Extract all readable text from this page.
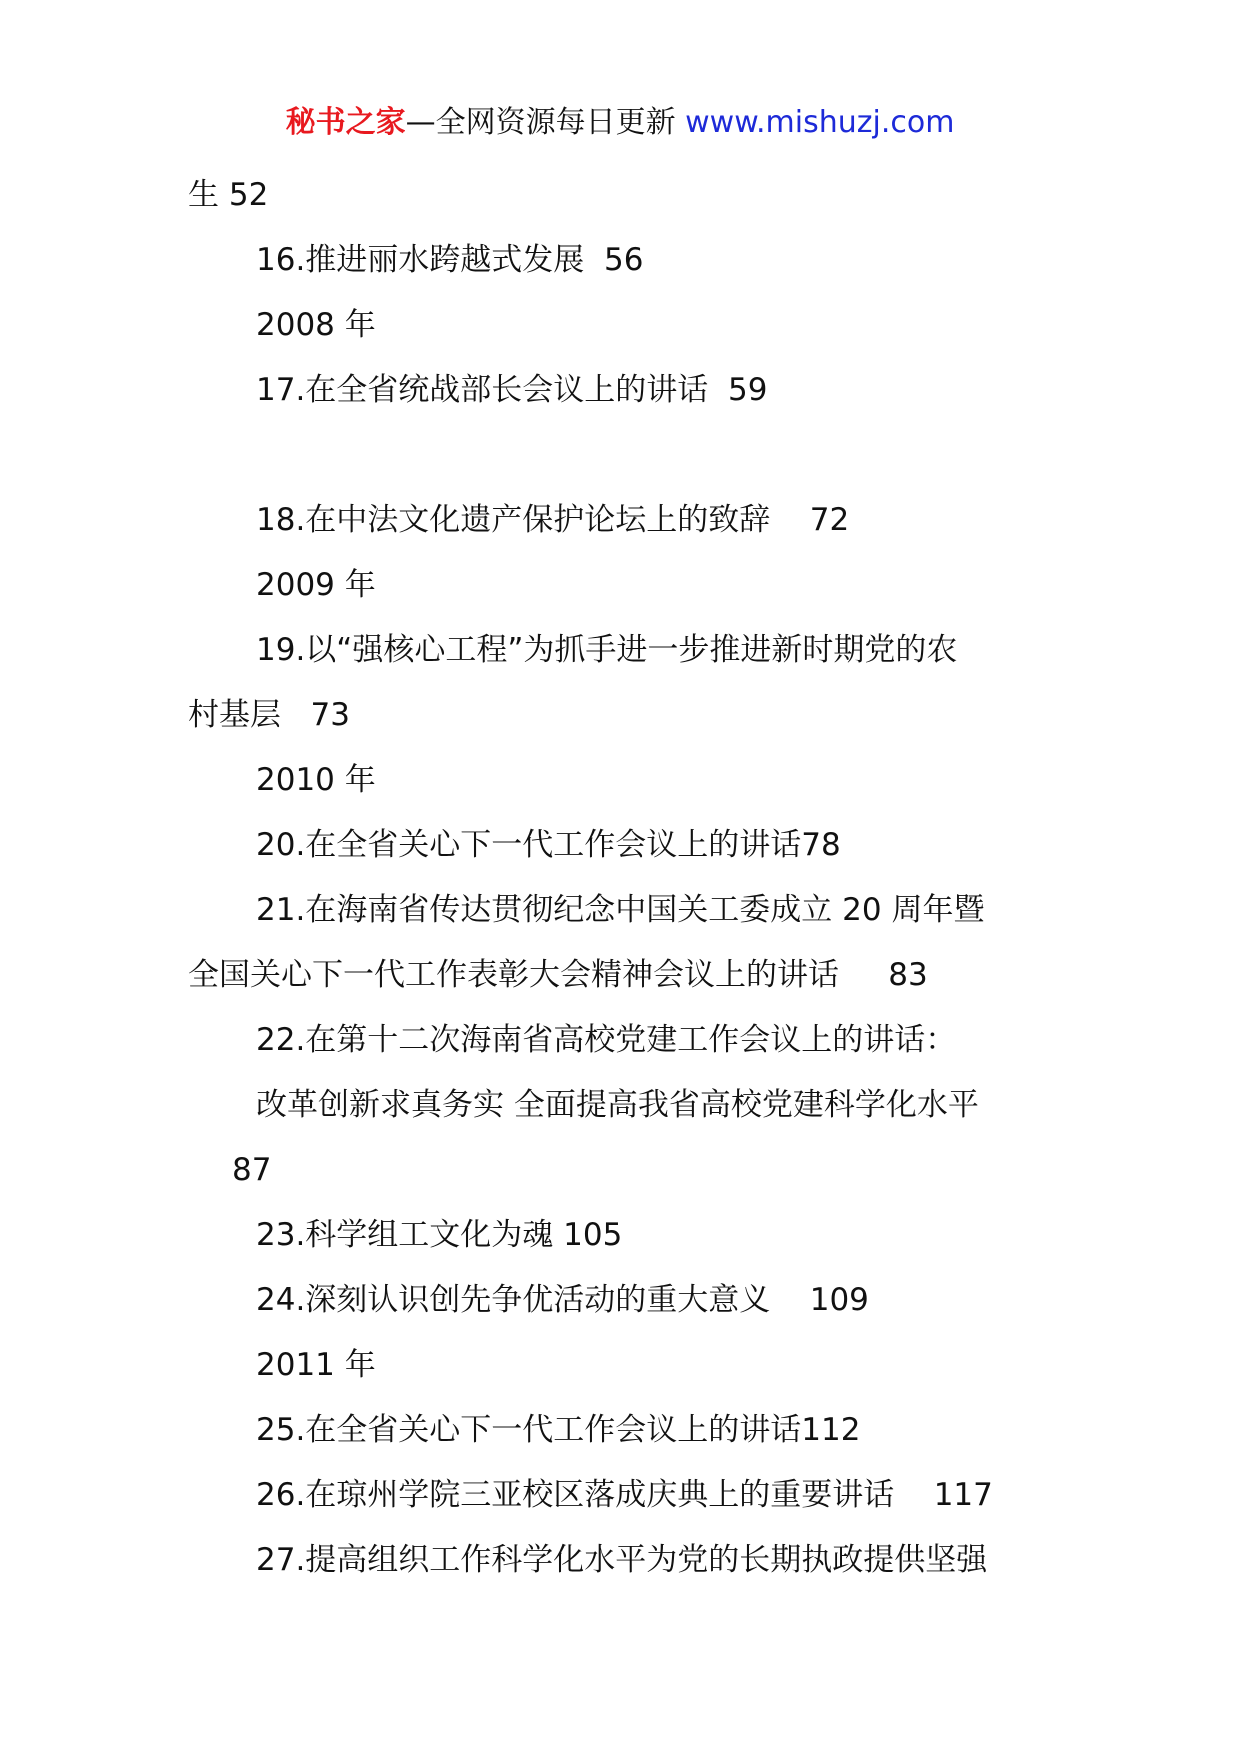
秘书之家—全网资源每日更新 www.mishuzj.com
生 52
16.推进丽水跨越式发展  56
2008 年
17.在全省统战部长会议上的讲话  59
18.在中法文化遗产保护论坛上的致辞    72
2009 年
19.以“强核心工程”为抓手进一步推进新时期党的农
村基层   73
2010 年
20.在全省关心下一代工作会议上的讲话78
21.在海南省传达贯彻纪念中国关工委成立 20 周年暨
全国关心下一代工作表彰大会精神会议上的讲话     83
22.在第十二次海南省高校党建工作会议上的讲话：
改革创新求真务实 全面提高我省高校党建科学化水平
87
23.科学组工文化为魂 105
24.深刻认识创先争优活动的重大意义    109
2011 年
25.在全省关心下一代工作会议上的讲话112
26.在琼州学院三亚校区落成庆典上的重要讲话    117
27.提高组织工作科学化水平为党的长期执政提供坚强
